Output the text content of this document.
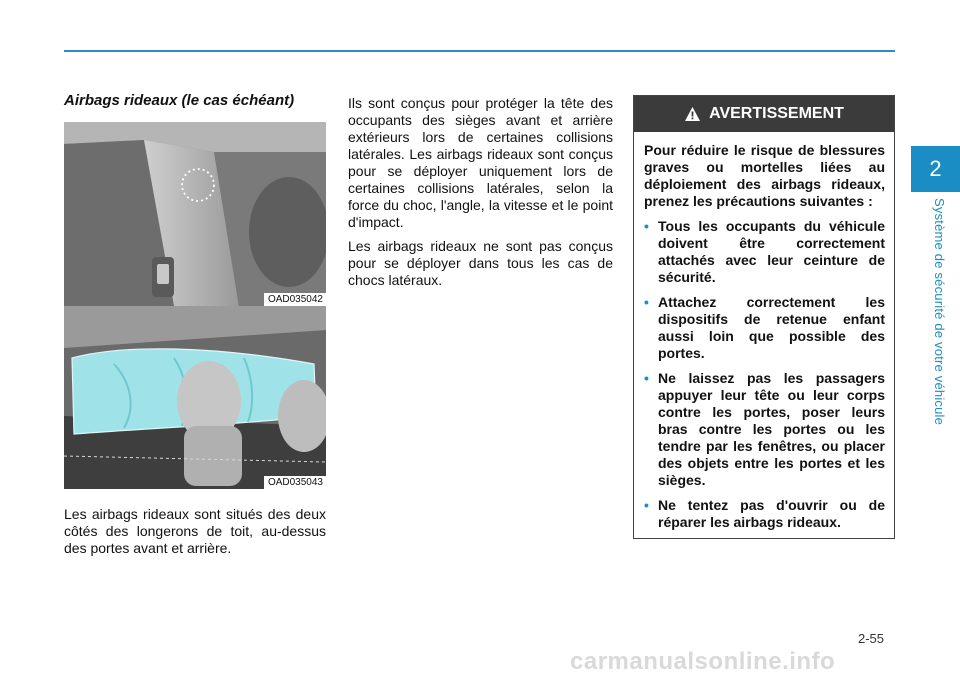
2
Système de sécurité de votre véhicule
Airbags rideaux (le cas échéant)
OAD035042
OAD035043

Les airbags rideaux sont situés des deux côtés des longerons de toit, au-dessus des portes avant et arrière.

Ils sont conçus pour protéger la tête des occupants des sièges avant et arrière extérieurs lors de certaines collisions latérales. Les airbags rideaux sont conçus pour se déployer uniquement lors de certaines collisions latérales, selon la force du choc, l'angle, la vitesse et le point d'impact.

Les airbags rideaux ne sont pas conçus pour se déployer dans tous les cas de chocs latéraux.

AVERTISSEMENT

Pour réduire le risque de blessures graves ou mortelles liées au déploiement des airbags rideaux, prenez les précautions suivantes :

• Tous les occupants du véhicule doivent être correctement attachés avec leur ceinture de sécurité.
• Attachez correctement les dispositifs de retenue enfant aussi loin que possible des portes.
• Ne laissez pas les passagers appuyer leur tête ou leur corps contre les portes, poser leurs bras contre les portes ou les tendre par les fenêtres, ou placer des objets entre les portes et les sièges.
• Ne tentez pas d'ouvrir ou de réparer les airbags rideaux.
2-55
carmanualsonline.info
